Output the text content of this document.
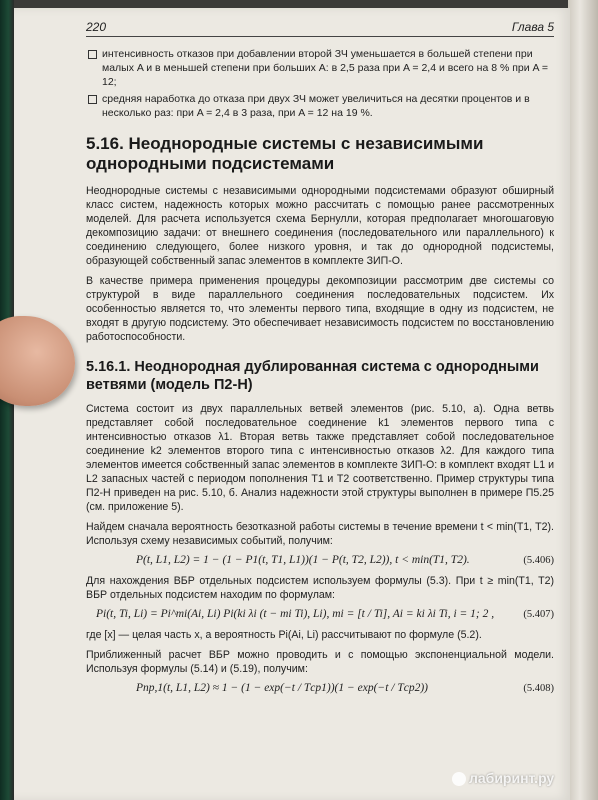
220	Глава 5
интенсивность отказов при добавлении второй ЗЧ уменьшается в большей степени при малых A и в меньшей степени при больших A: в 2,5 раза при A = 2,4 и всего на 8 % при A = 12;
средняя наработка до отказа при двух ЗЧ может увеличиться на десятки процентов и в несколько раз: при A = 2,4 в 3 раза, при A = 12 на 19 %.
5.16. Неоднородные системы с независимыми однородными подсистемами

Неоднородные системы с независимыми однородными подсистемами образуют обширный класс систем, надежность которых можно рассчитать с помощью ранее рассмотренных моделей. Для расчета используется схема Бернулли, которая предполагает многошаговую декомпозицию задачи: от внешнего соединения (последовательного или параллельного) к соединению следующего, более низкого уровня, и так до однородной подсистемы, образующей собственный запас элементов в комплекте ЗИП-О.

В качестве примера применения процедуры декомпозиции рассмотрим две системы со структурой в виде параллельного соединения последовательных подсистем. Их особенностью является то, что элементы первого типа, входящие в одну из подсистем, не входят в другую подсистему. Это обеспечивает независимость подсистем по восстановлению работоспособности.

5.16.1. Неоднородная дублированная система с однородными ветвями (модель П2-Н)

Система состоит из двух параллельных ветвей элементов (рис. 5.10, а). Одна ветвь представляет собой последовательное соединение k1 элементов первого типа с интенсивностью отказов λ1. Вторая ветвь также представляет собой последовательное соединение k2 элементов второго типа с интенсивностью отказов λ2. Для каждого типа элементов имеется собственный запас элементов в комплекте ЗИП-О: в комплект входят L1 и L2 запасных частей с периодом пополнения T1 и T2 соответственно. Пример структуры типа П2-Н приведен на рис. 5.10, б. Анализ надежности этой структуры выполнен в примере П5.25 (см. приложение 5).

Найдем сначала вероятность безотказной работы системы в течение времени t < min(T1, T2). Используя схему независимых событий, получим:

P(t, L1, L2) = 1 − (1 − P1(t, T1, L1))(1 − P(t, T2, L2)), t < min(T1, T2).	(5.406)

Для нахождения ВБР отдельных подсистем используем формулы (5.3). При t ≥ min(T1, T2) ВБР отдельных подсистем находим по формулам:

Pi(t, Ti, Li) = Pi^mi(Ai, Li) Pi(ki λi (t − mi Ti), Li), mi = [t / Ti], Ai = ki λi Ti, i = 1; 2 ,	(5.407)

где [x] — целая часть x, а вероятность Pi(Ai, Li) рассчитывают по формуле (5.2).

Приближенный расчет ВБР можно проводить и с помощью экспоненциальной модели. Используя формулы (5.14) и (5.19), получим:

Pпр,1(t, L1, L2) ≈ 1 − (1 − exp(−t / Tср1))(1 − exp(−t / Tср2))	(5.408)
лабиринт.ру
